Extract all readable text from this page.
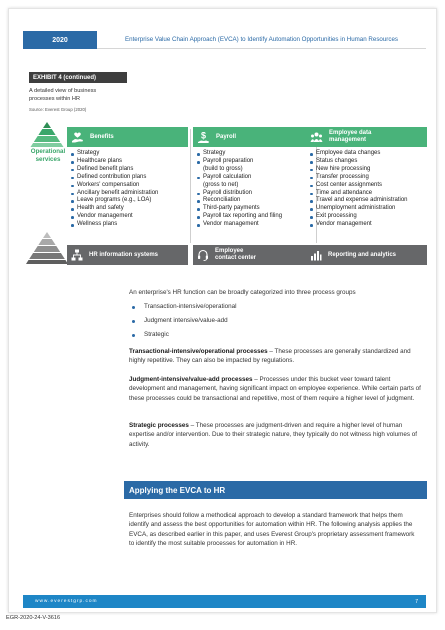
2020	Enterprise Value Chain Approach (EVCA) to Identify Automation Opportunities in Human Resources
EXHIBIT 4 (continued)
A detailed view of business
processes within HR
Source: Everest Group (2020)
Operational
services
Benefits
Strategy
Healthcare plans
Defined benefit plans
Defined contribution plans
Workers' compensation
Ancillary benefit administration
Leave programs (e.g., LOA)
Health and safety
Vendor management
Wellness plans
$ Payroll
Strategy
Payroll preparation
(build to gross)
Payroll calculation
(gross to net)
Payroll distribution
Reconciliation
Third-party payments
Payroll tax reporting and filing
Vendor management
Employee data
management
Employee data changes
Status changes
New hire processing
Transfer processing
Cost center assignments
Time and attendance
Travel and expense administration
Unemployment administration
Exit processing
Vendor management
HR information systems
Employee
contact center
Reporting and analytics
An enterprise's HR function can be broadly categorized into three process groups
Transaction-intensive/operational
Judgment intensive/value-add
Strategic
Transactional-intensive/operational processes – These processes are generally standardized and highly repetitive. They can also be impacted by regulations.
Judgment-intensive/value-add processes – Processes under this bucket veer toward talent development and management, having significant impact on employee experience. While certain parts of these processes could be transactional and repetitive, most of them require a higher level of judgment.
Strategic processes – These processes are judgment-driven and require a higher level of human expertise and/or intervention. Due to their strategic nature, they typically do not witness high volumes of activity.
Applying the EVCA to HR
Enterprises should follow a methodical approach to develop a standard framework that helps them identify and assess the best opportunities for automation within HR. The following analysis applies the EVCA, as described earlier in this paper, and uses Everest Group's proprietary assessment framework to identify the most suitable processes for automation in HR.
www.everestgrp.com	7
EGR-2020-24-V-3616
